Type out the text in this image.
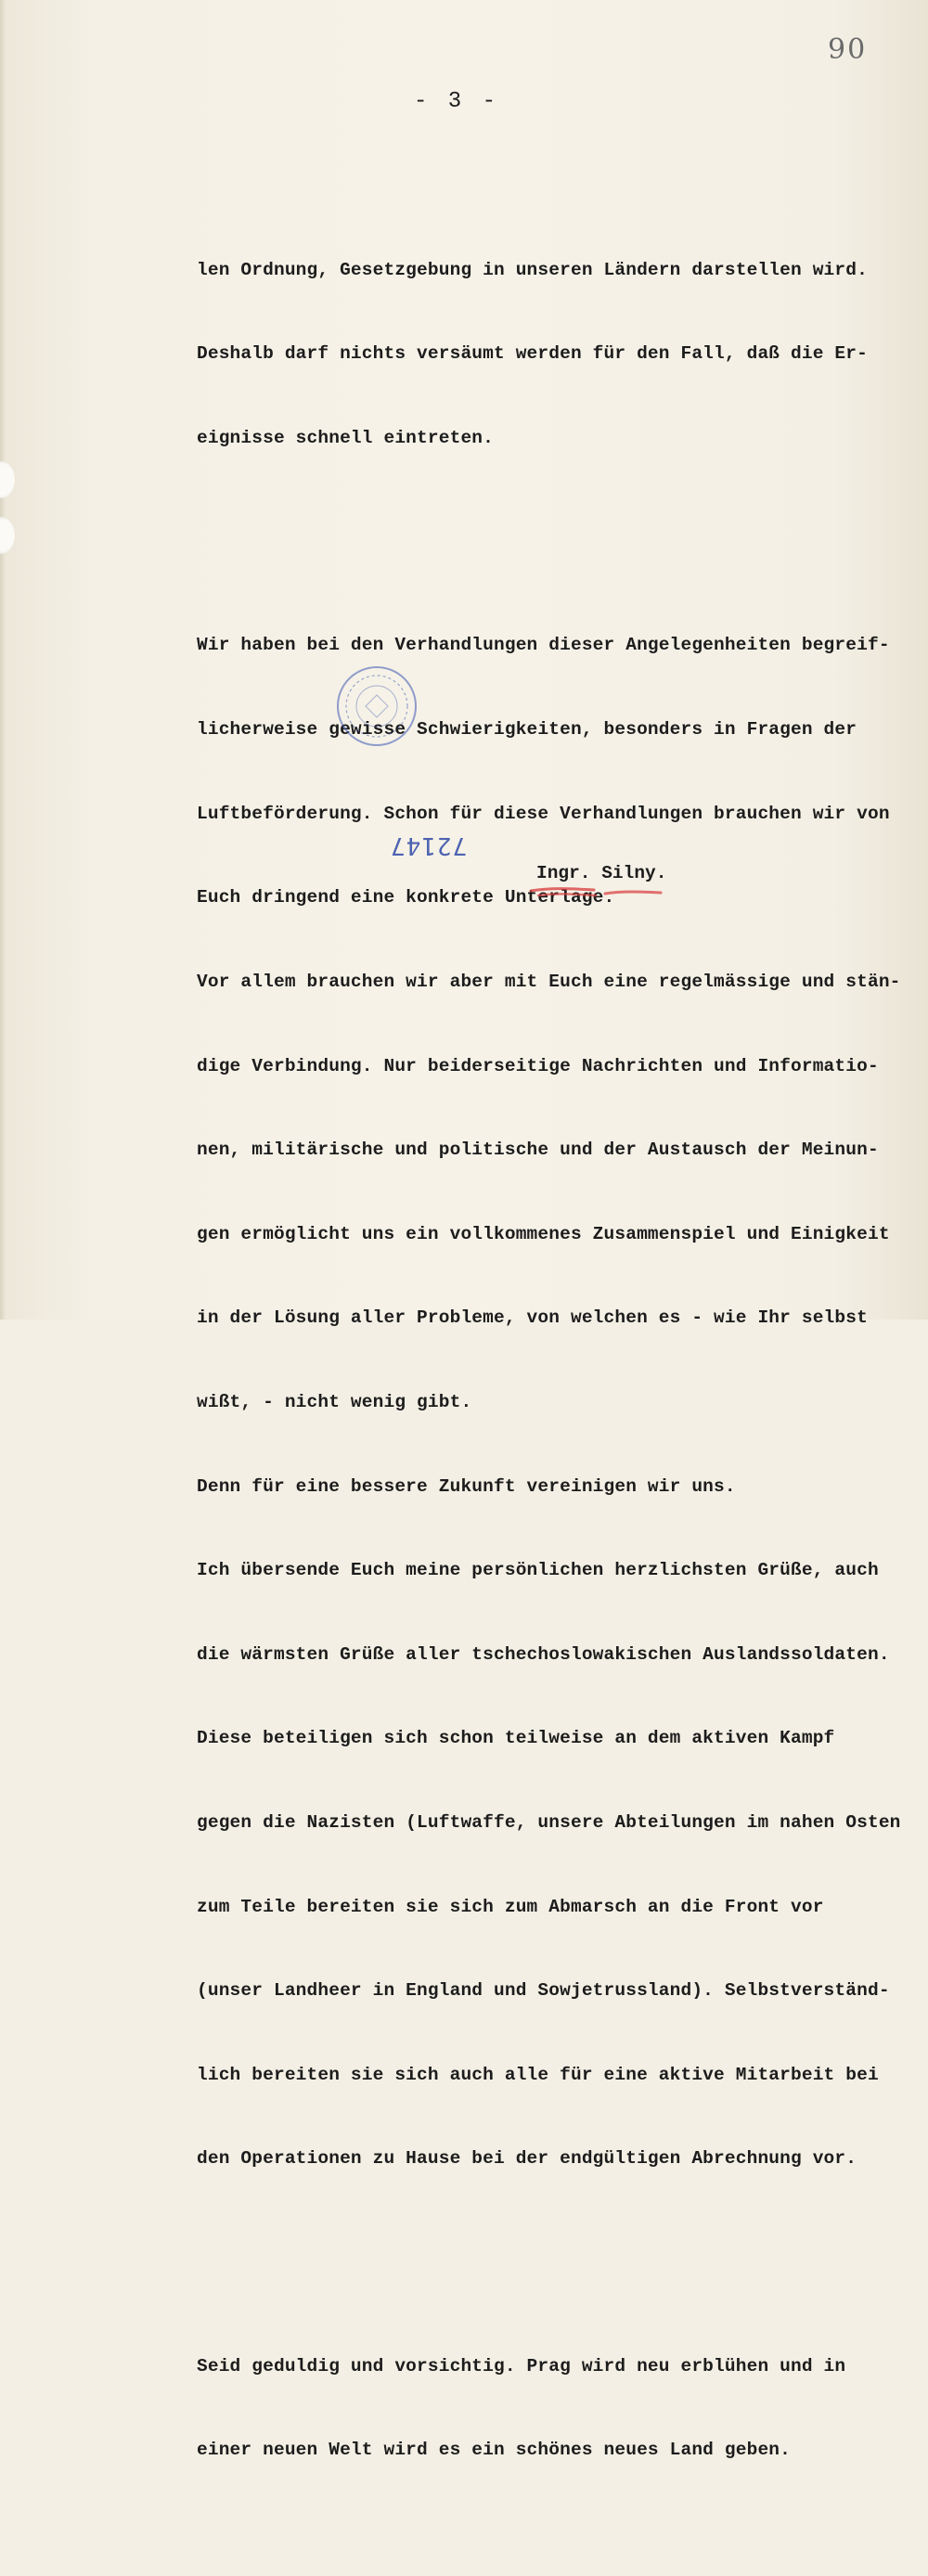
90
- 3 -

len Ordnung, Gesetzgebung in unseren Ländern darstellen wird.

Deshalb darf nichts versäumt werden für den Fall, daß die Er-

eignisse schnell eintreten.

Wir haben bei den Verhandlungen dieser Angelegenheiten begreif-

licherweise gewisse Schwierigkeiten, besonders in Fragen der

Luftbeförderung. Schon für diese Verhandlungen brauchen wir von

Euch dringend eine konkrete Unterlage.

Vor allem brauchen wir aber mit Euch eine regelmässige und stän-

dige Verbindung. Nur beiderseitige Nachrichten und Informatio-

nen, militärische und politische und der Austausch der Meinun-

gen ermöglicht uns ein vollkommenes Zusammenspiel und Einigkeit

in der Lösung aller Probleme, von welchen es - wie Ihr selbst

wißt, - nicht wenig gibt.

Denn für eine bessere Zukunft vereinigen wir uns.

Ich übersende Euch meine persönlichen herzlichsten Grüße, auch

die wärmsten Grüße aller tschechoslowakischen Auslandssoldaten.

Diese beteiligen sich schon teilweise an dem aktiven Kampf

gegen die Nazisten (Luftwaffe, unsere Abteilungen im nahen Osten

zum Teile bereiten sie sich zum Abmarsch an die Front vor

(unser Landheer in England und Sowjetrussland). Selbstverständ-

lich bereiten sie sich auch alle für eine aktive Mitarbeit bei

den Operationen zu Hause bei der endgültigen Abrechnung vor.

Seid geduldig und vorsichtig. Prag wird neu erblühen und in

einer neuen Welt wird es ein schönes neues Land geben.

72147
Ingr. Silny.
